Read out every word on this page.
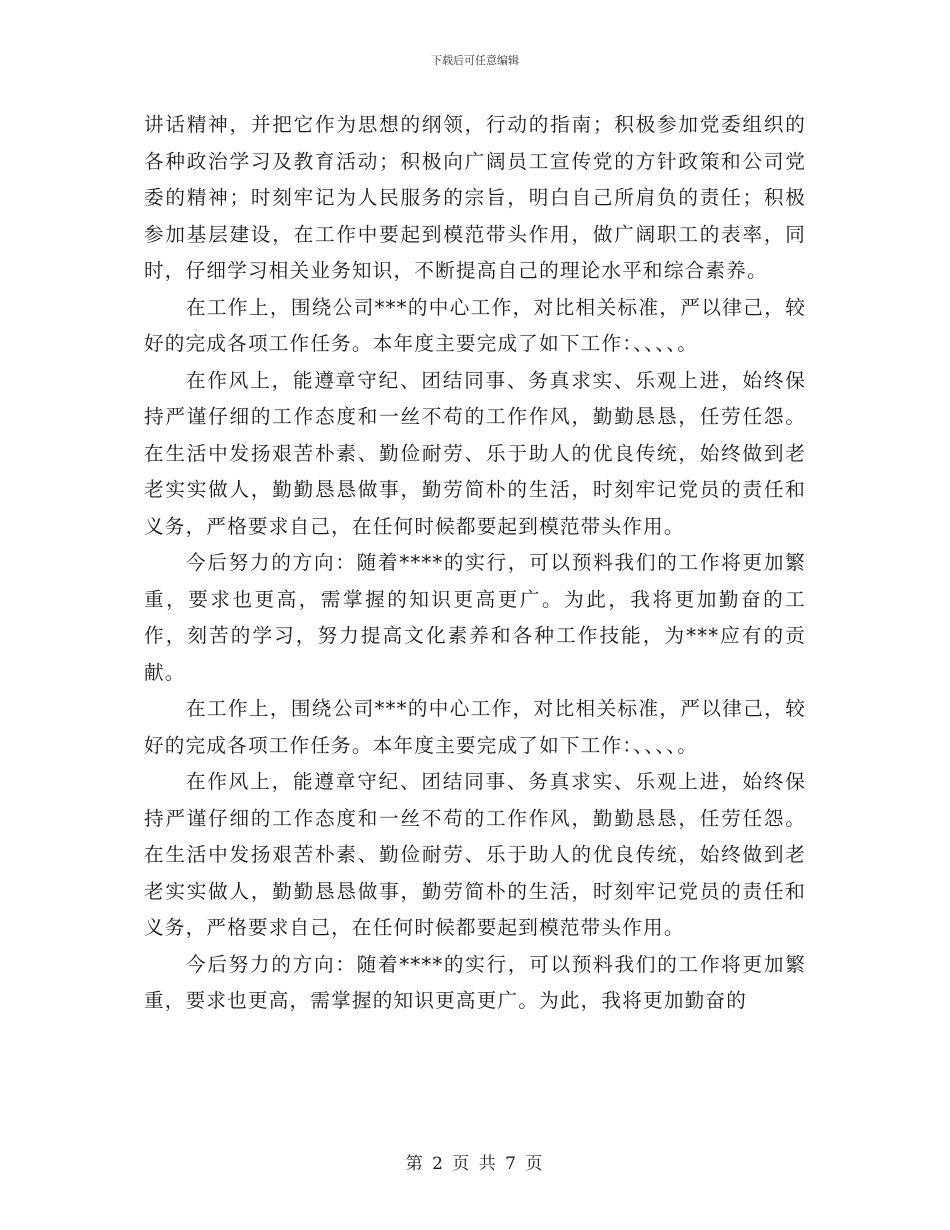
下载后可任意编辑

讲话精神，并把它作为思想的纲领，行动的指南；积极参加党委组织的各种政治学习及教育活动；积极向广阔员工宣传党的方针政策和公司党委的精神；时刻牢记为人民服务的宗旨，明白自己所肩负的责任；积极参加基层建设，在工作中要起到模范带头作用，做广阔职工的表率，同时，仔细学习相关业务知识，不断提高自己的理论水平和综合素养。

在工作上，围绕公司***的中心工作，对比相关标准，严以律己，较好的完成各项工作任务。本年度主要完成了如下工作：、、、、。

在作风上，能遵章守纪、团结同事、务真求实、乐观上进，始终保持严谨仔细的工作态度和一丝不苟的工作作风，勤勤恳恳，任劳任怨。在生活中发扬艰苦朴素、勤俭耐劳、乐于助人的优良传统，始终做到老老实实做人，勤勤恳恳做事，勤劳简朴的生活，时刻牢记党员的责任和义务，严格要求自己，在任何时候都要起到模范带头作用。

今后努力的方向：随着****的实行，可以预料我们的工作将更加繁重，要求也更高，需掌握的知识更高更广。为此，我将更加勤奋的工作，刻苦的学习，努力提高文化素养和各种工作技能，为***应有的贡献。

在工作上，围绕公司***的中心工作，对比相关标准，严以律己，较好的完成各项工作任务。本年度主要完成了如下工作：、、、、。

在作风上，能遵章守纪、团结同事、务真求实、乐观上进，始终保持严谨仔细的工作态度和一丝不苟的工作作风，勤勤恳恳，任劳任怨。在生活中发扬艰苦朴素、勤俭耐劳、乐于助人的优良传统，始终做到老老实实做人，勤勤恳恳做事，勤劳简朴的生活，时刻牢记党员的责任和义务，严格要求自己，在任何时候都要起到模范带头作用。

今后努力的方向：随着****的实行，可以预料我们的工作将更加繁重，要求也更高，需掌握的知识更高更广。为此，我将更加勤奋的

第 2 页 共 7 页
